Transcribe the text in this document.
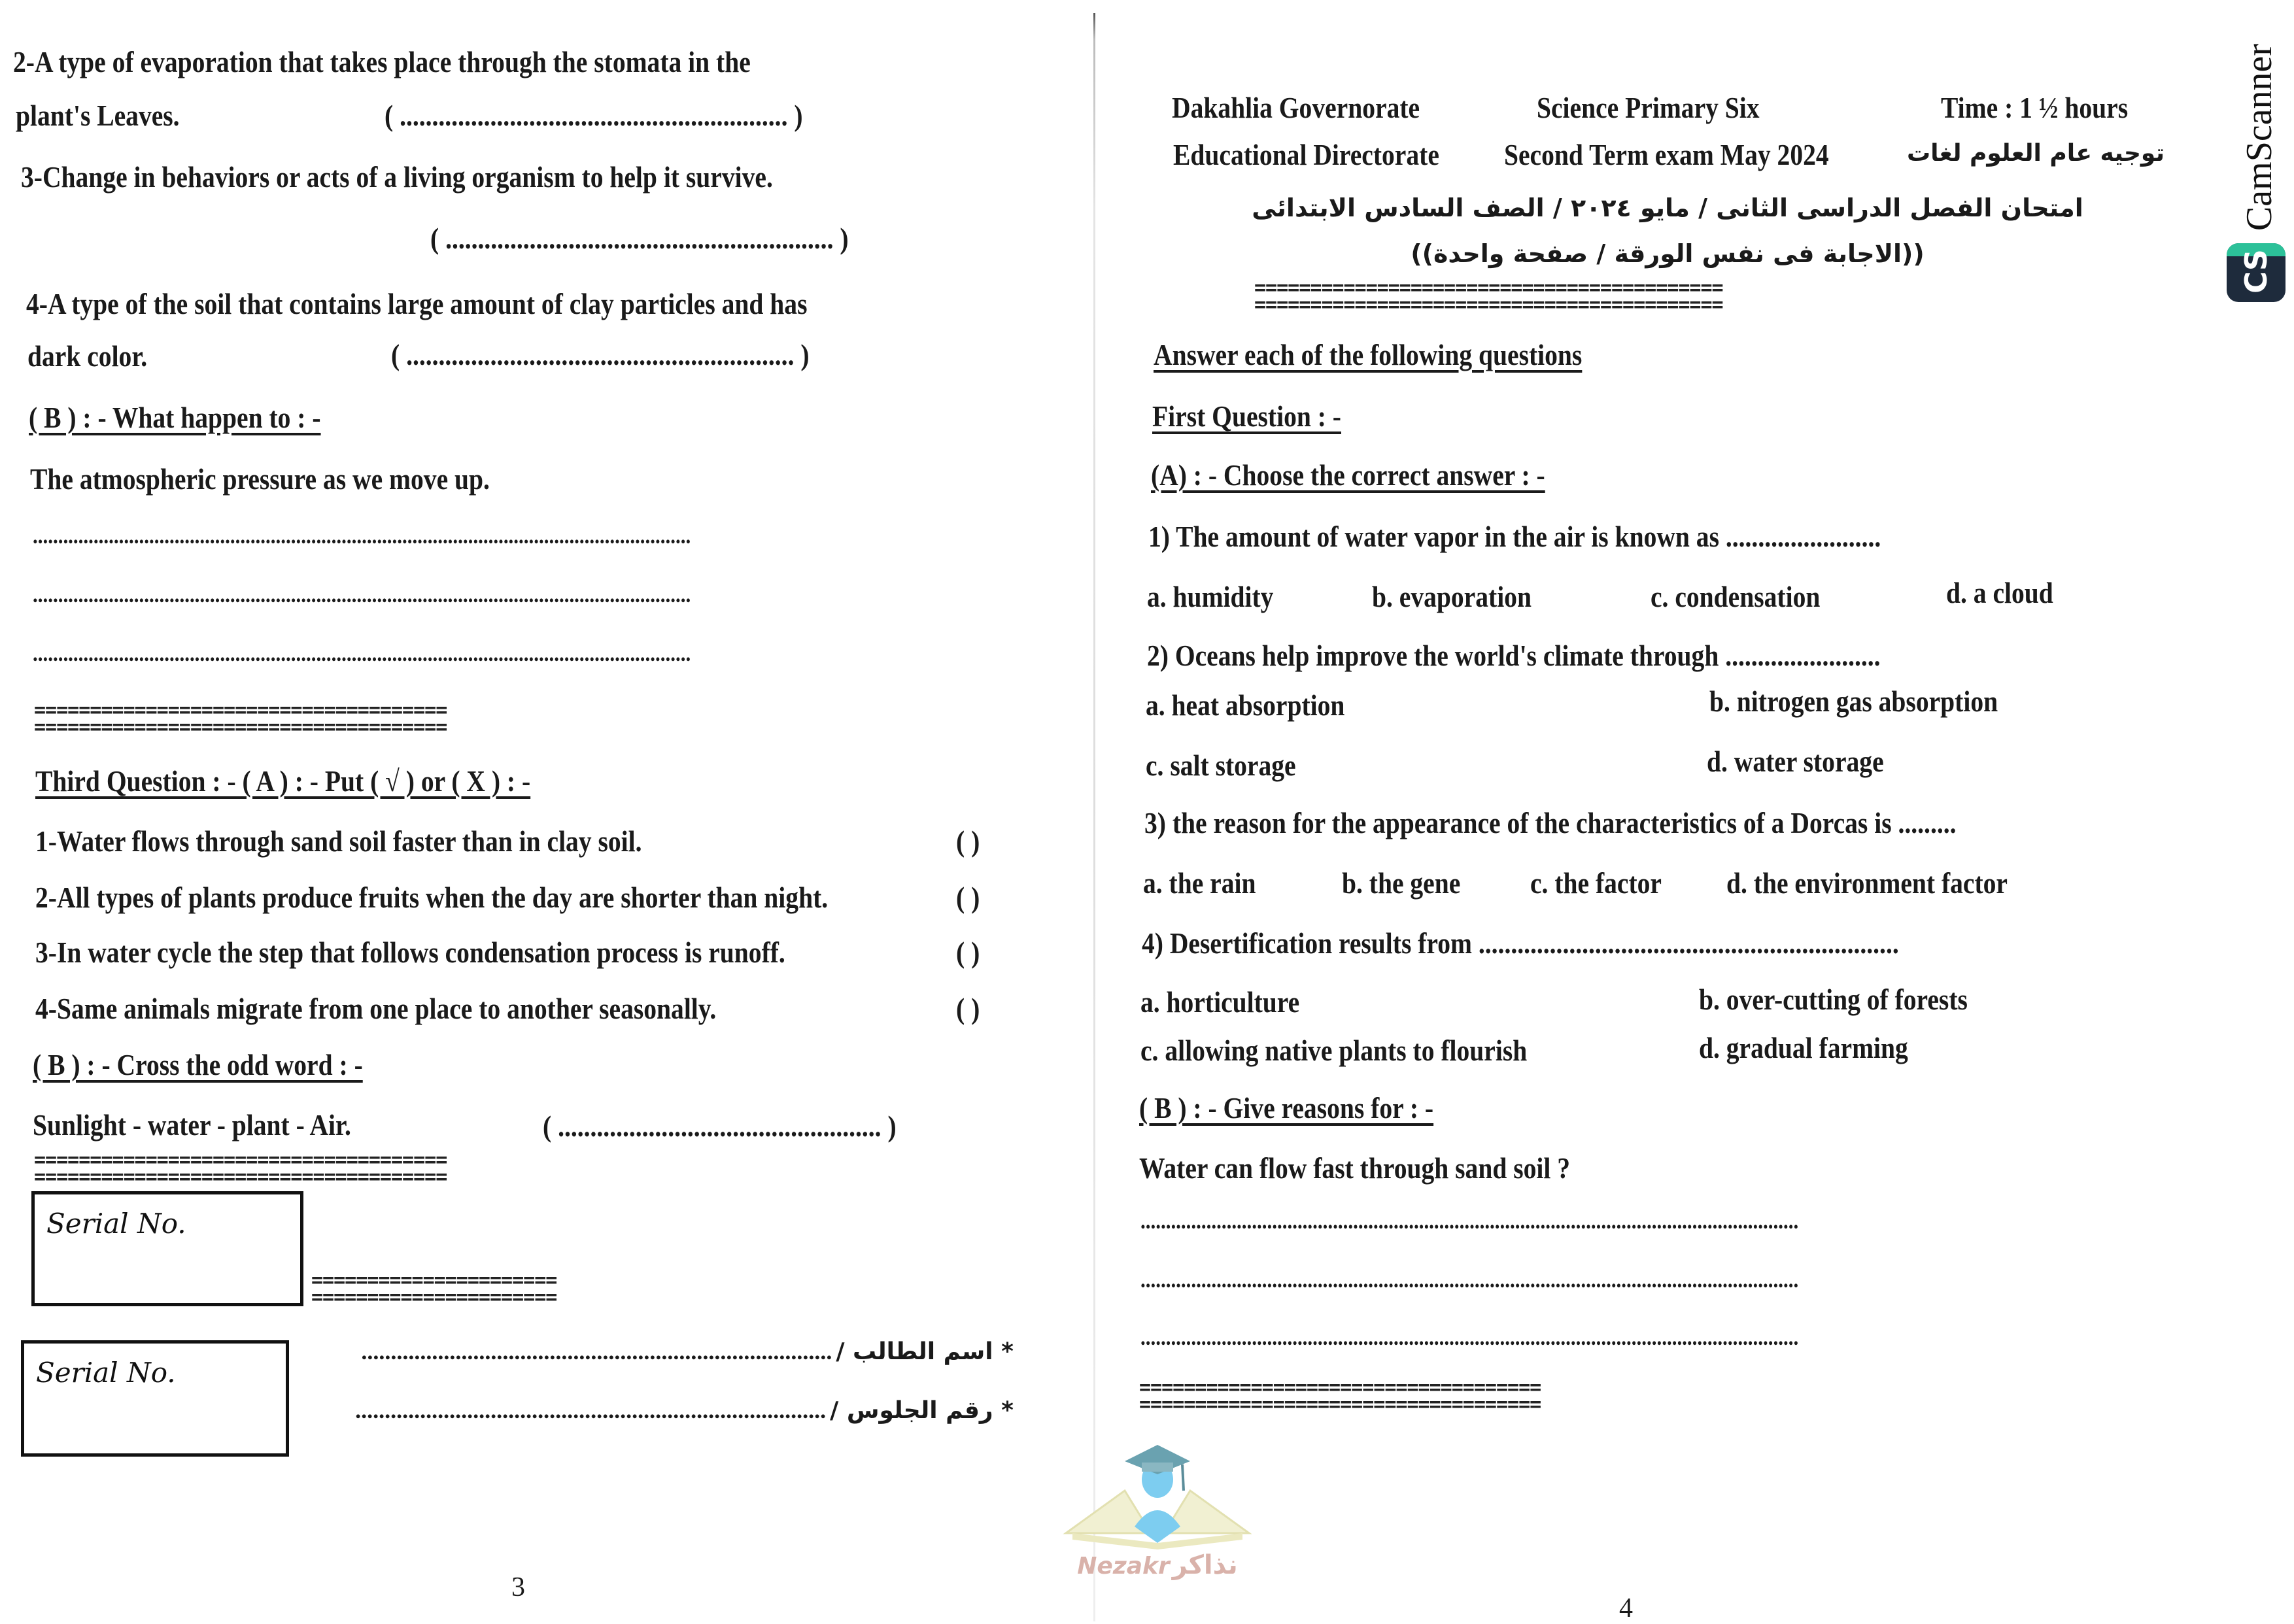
2-A type of evaporation that takes place through the stomata in the
plant's Leaves.	( ............................................................ )
3-Change in behaviors or acts of a living organism to help it survive.
( ............................................................ )
4-A type of the soil that contains large amount of clay particles and has
dark color.	( ............................................................ )
( B ) : - What happen to : -
The atmospheric pressure as we move up.
..................................................................................................................................
..................................................................................................................................
..................................................................................................................................
=====================================
=====================================
Third Question : - ( A ) : - Put ( √ ) or ( X ) : -
1-Water flows through sand soil faster than in clay soil.	( )
2-All types of plants produce fruits when the day are shorter than night.	( )
3-In water cycle the step that follows condensation process is runoff.	( )
4-Same animals migrate from one place to another seasonally.	( )
( B ) : - Cross the odd word : -
Sunlight - water - plant - Air.	( .................................................. )
=====================================
=====================================
Serial No.
======================
======================
Serial No.
* اسم الطالب /
................................................................................
* رقم الجلوس /
................................................................................
3
Dakahlia Governorate	Science Primary Six	Time : 1 ½ hours
Educational Directorate Second Term exam May 2024	توجيه عام العلوم لغات
امتحان الفصل الدراسى الثانى / مايو ٢٠٢٤ / الصف السادس الابتدائى
((الاجابة فى نفس الورقة / صفحة واحدة))
==========================================
==========================================
Answer each of the following questions
First Question : -
(A) : - Choose the correct answer : -
1) The amount of water vapor in the air is known as ........................
a. humidity	b. evaporation	c. condensation	d. a cloud
2) Oceans help improve the world's climate through ........................
a. heat absorption	b. nitrogen gas absorption
c. salt storage	d. water storage
3) the reason for the appearance of the characteristics of a Dorcas is .........
a. the rain	b. the gene c. the factor d. the environment factor
4) Desertification results from .................................................................
a. horticulture	b. over-cutting of forests
c. allowing native plants to flourish	d. gradual farming
( B ) : - Give reasons for : -
Water can flow fast through sand soil ?
..................................................................................................................................
..................................................................................................................................
..................................................................................................................................
====================================
====================================
4
Nezakr نذاكر
CamScanner
CS
